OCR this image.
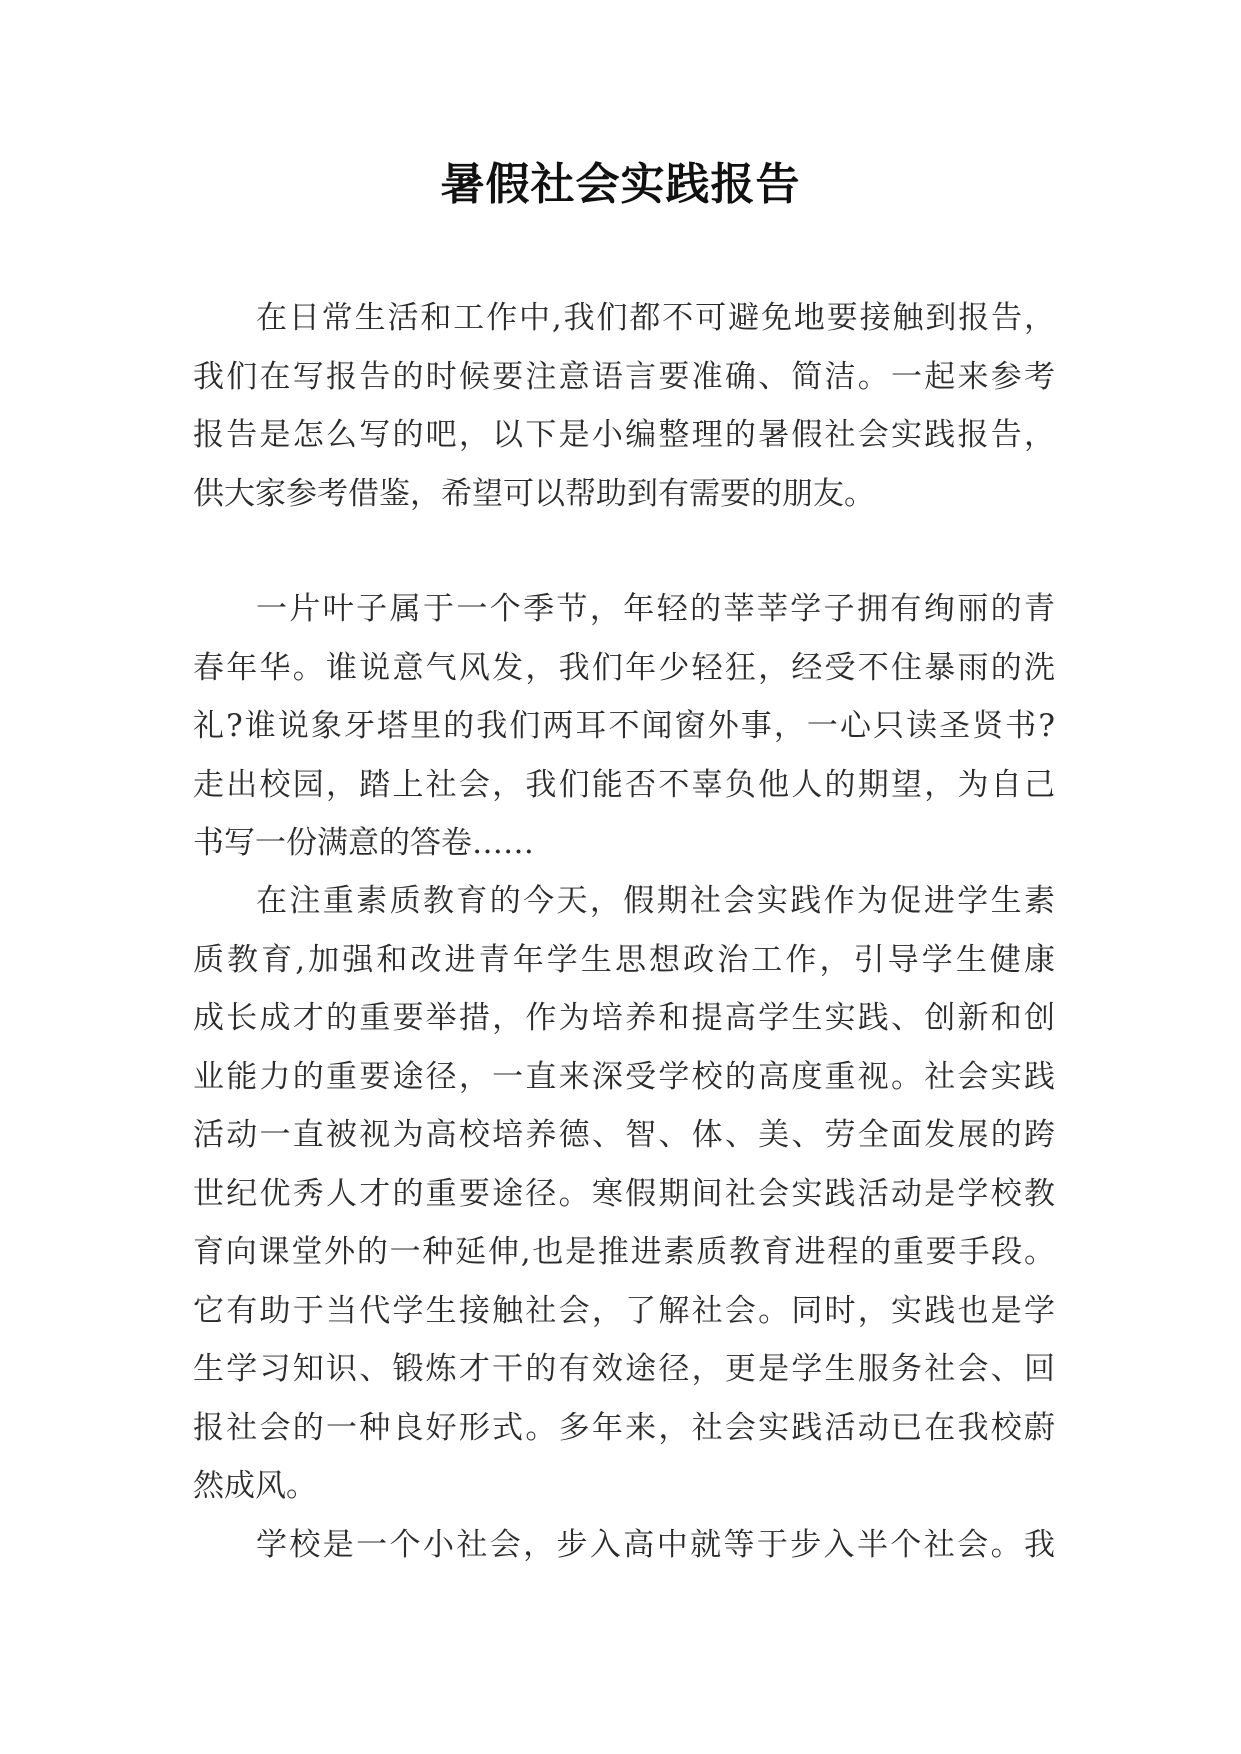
暑假社会实践报告
在日常生活和工作中,我们都不可避免地要接触到报告，
我们在写报告的时候要注意语言要准确、简洁。一起来参考
报告是怎么写的吧，以下是小编整理的暑假社会实践报告，
供大家参考借鉴，希望可以帮助到有需要的朋友。
一片叶子属于一个季节，年轻的莘莘学子拥有绚丽的青
春年华。谁说意气风发，我们年少轻狂，经受不住暴雨的洗
礼?谁说象牙塔里的我们两耳不闻窗外事，一心只读圣贤书?
走出校园，踏上社会，我们能否不辜负他人的期望，为自己
书写一份满意的答卷……
在注重素质教育的今天，假期社会实践作为促进学生素
质教育,加强和改进青年学生思想政治工作，引导学生健康
成长成才的重要举措，作为培养和提高学生实践、创新和创
业能力的重要途径，一直来深受学校的高度重视。社会实践
活动一直被视为高校培养德、智、体、美、劳全面发展的跨
世纪优秀人才的重要途径。寒假期间社会实践活动是学校教
育向课堂外的一种延伸,也是推进素质教育进程的重要手段。
它有助于当代学生接触社会，了解社会。同时，实践也是学
生学习知识、锻炼才干的有效途径，更是学生服务社会、回
报社会的一种良好形式。多年来，社会实践活动已在我校蔚
然成风。
学校是一个小社会，步入高中就等于步入半个社会。我
